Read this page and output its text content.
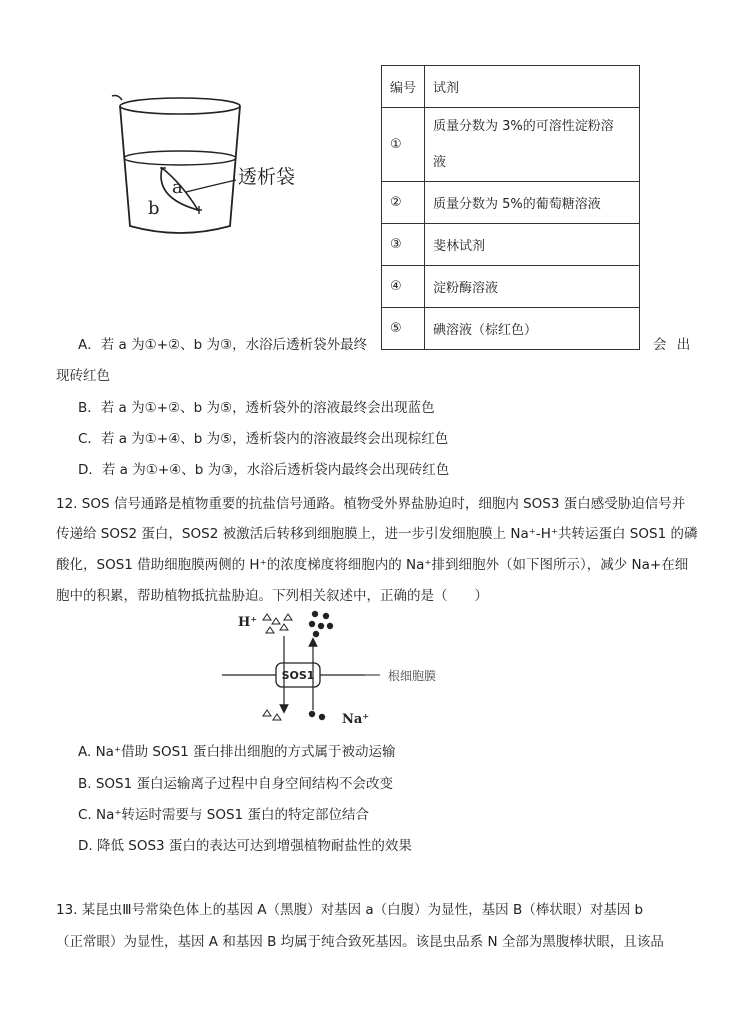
a
b
透析袋
编号	试剂
①	质量分数为 3%的可溶性淀粉溶
液
②	质量分数为 5%的葡萄糖溶液
③	斐林试剂
④	淀粉酶溶液
⑤	碘溶液（棕红色）
A．若 a 为①+②、b 为③，水浴后透析袋外最终	会 出
现砖红色
B．若 a 为①+②、b 为⑤，透析袋外的溶液最终会出现蓝色
C．若 a 为①+④、b 为⑤，透析袋内的溶液最终会出现棕红色
D．若 a 为①+④、b 为③，水浴后透析袋内最终会出现砖红色
12. SOS 信号通路是植物重要的抗盐信号通路。植物受外界盐胁迫时，细胞内 SOS3 蛋白感受胁迫信号并
传递给 SOS2 蛋白，SOS2 被激活后转移到细胞膜上，进一步引发细胞膜上 Na⁺-H⁺共转运蛋白 SOS1 的磷
酸化，SOS1 借助细胞膜两侧的 H⁺的浓度梯度将细胞内的 Na⁺排到细胞外（如下图所示），减少 Na+在细
胞中的积累，帮助植物抵抗盐胁迫。下列相关叙述中，正确的是（　　）
H⁺
SOS1
Na⁺
根细胞膜
A. Na⁺借助 SOS1 蛋白排出细胞的方式属于被动运输
B. SOS1 蛋白运输离子过程中自身空间结构不会改变
C. Na⁺转运时需要与 SOS1 蛋白的特定部位结合
D. 降低 SOS3 蛋白的表达可达到增强植物耐盐性的效果
13. 某昆虫Ⅲ号常染色体上的基因 A（黑腹）对基因 a（白腹）为显性，基因 B（棒状眼）对基因 b
（正常眼）为显性，基因 A 和基因 B 均属于纯合致死基因。该昆虫品系 N 全部为黑腹棒状眼，且该品
